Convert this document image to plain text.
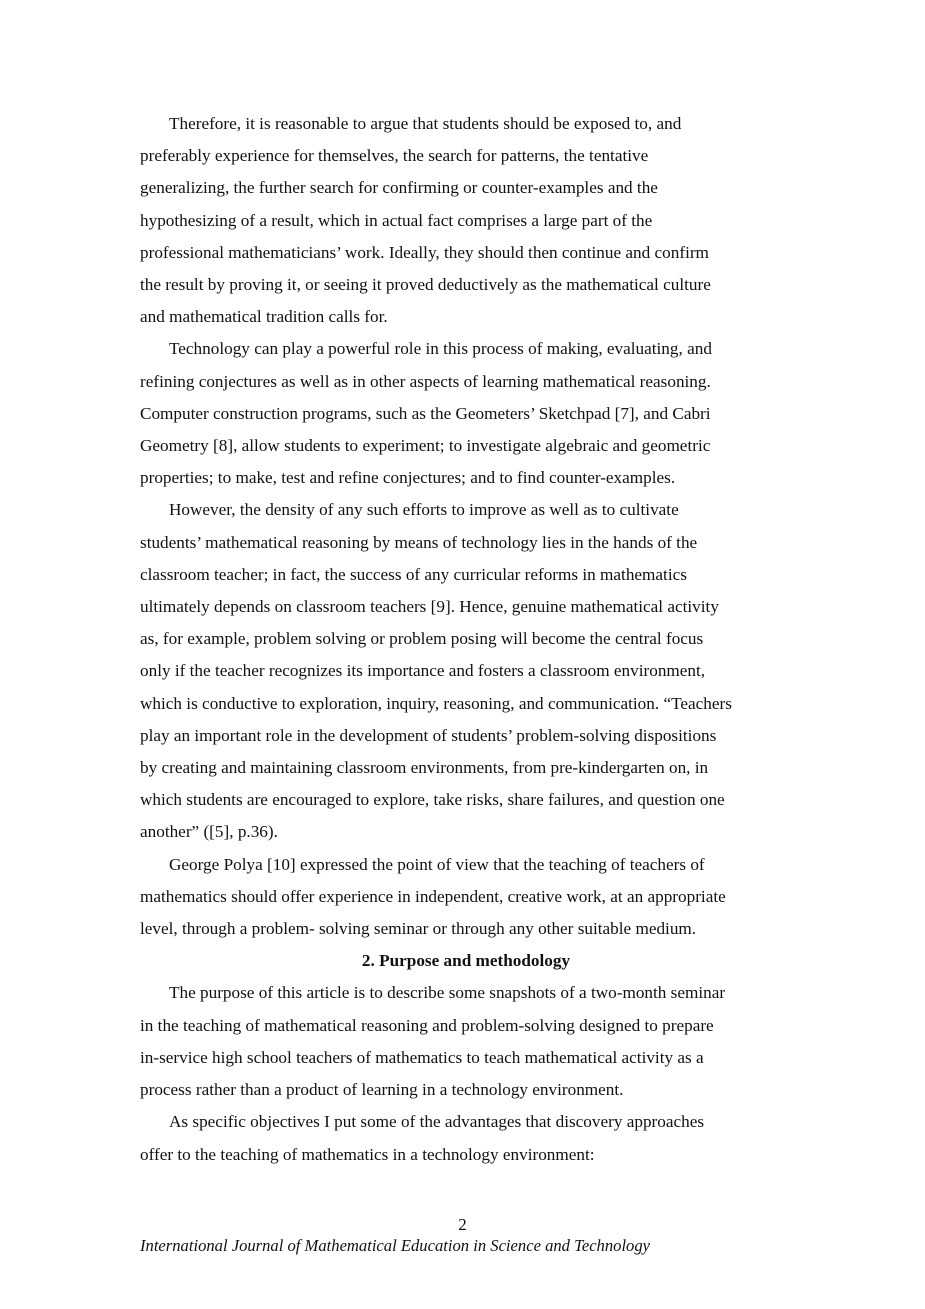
Therefore, it is reasonable to argue that students should be exposed to, and
preferably experience for themselves, the search for patterns, the tentative
generalizing, the further search for confirming or counter-examples and the
hypothesizing of a result, which in actual fact comprises a large part of the
professional mathematicians’ work. Ideally, they should then continue and confirm
the result by proving it, or seeing it proved deductively as the mathematical culture
and mathematical tradition calls for.
Technology can play a powerful role in this process of making, evaluating, and
refining conjectures as well as in other aspects of learning mathematical reasoning.
Computer construction programs, such as the Geometers’ Sketchpad [7], and Cabri
Geometry [8], allow students to experiment; to investigate algebraic and geometric
properties; to make, test and refine conjectures; and to find counter-examples.
However, the density of any such efforts to improve as well as to cultivate
students’ mathematical reasoning by means of technology lies in the hands of the
classroom teacher; in fact, the success of any curricular reforms in mathematics
ultimately depends on classroom teachers [9]. Hence, genuine mathematical activity
as, for example, problem solving or problem posing will become the central focus
only if the teacher recognizes its importance and fosters a classroom environment,
which is conductive to exploration, inquiry, reasoning, and communication. “Teachers
play an important role in the development of students’ problem-solving dispositions
by creating and maintaining classroom environments, from pre-kindergarten on, in
which students are encouraged to explore, take risks, share failures, and question one
another” ([5], p.36).
George Polya [10] expressed the point of view that the teaching of teachers of
mathematics should offer experience in independent, creative work, at an appropriate
level, through a problem- solving seminar or through any other suitable medium.
2. Purpose and methodology
The purpose of this article is to describe some snapshots of a two-month seminar
in the teaching of mathematical reasoning and problem-solving designed to prepare
in-service high school teachers of mathematics to teach mathematical activity as a
process rather than a product of learning in a technology environment.
As specific objectives I put some of the advantages that discovery approaches
offer to the teaching of mathematics in a technology environment:
2
International Journal of Mathematical Education in Science and Technology
